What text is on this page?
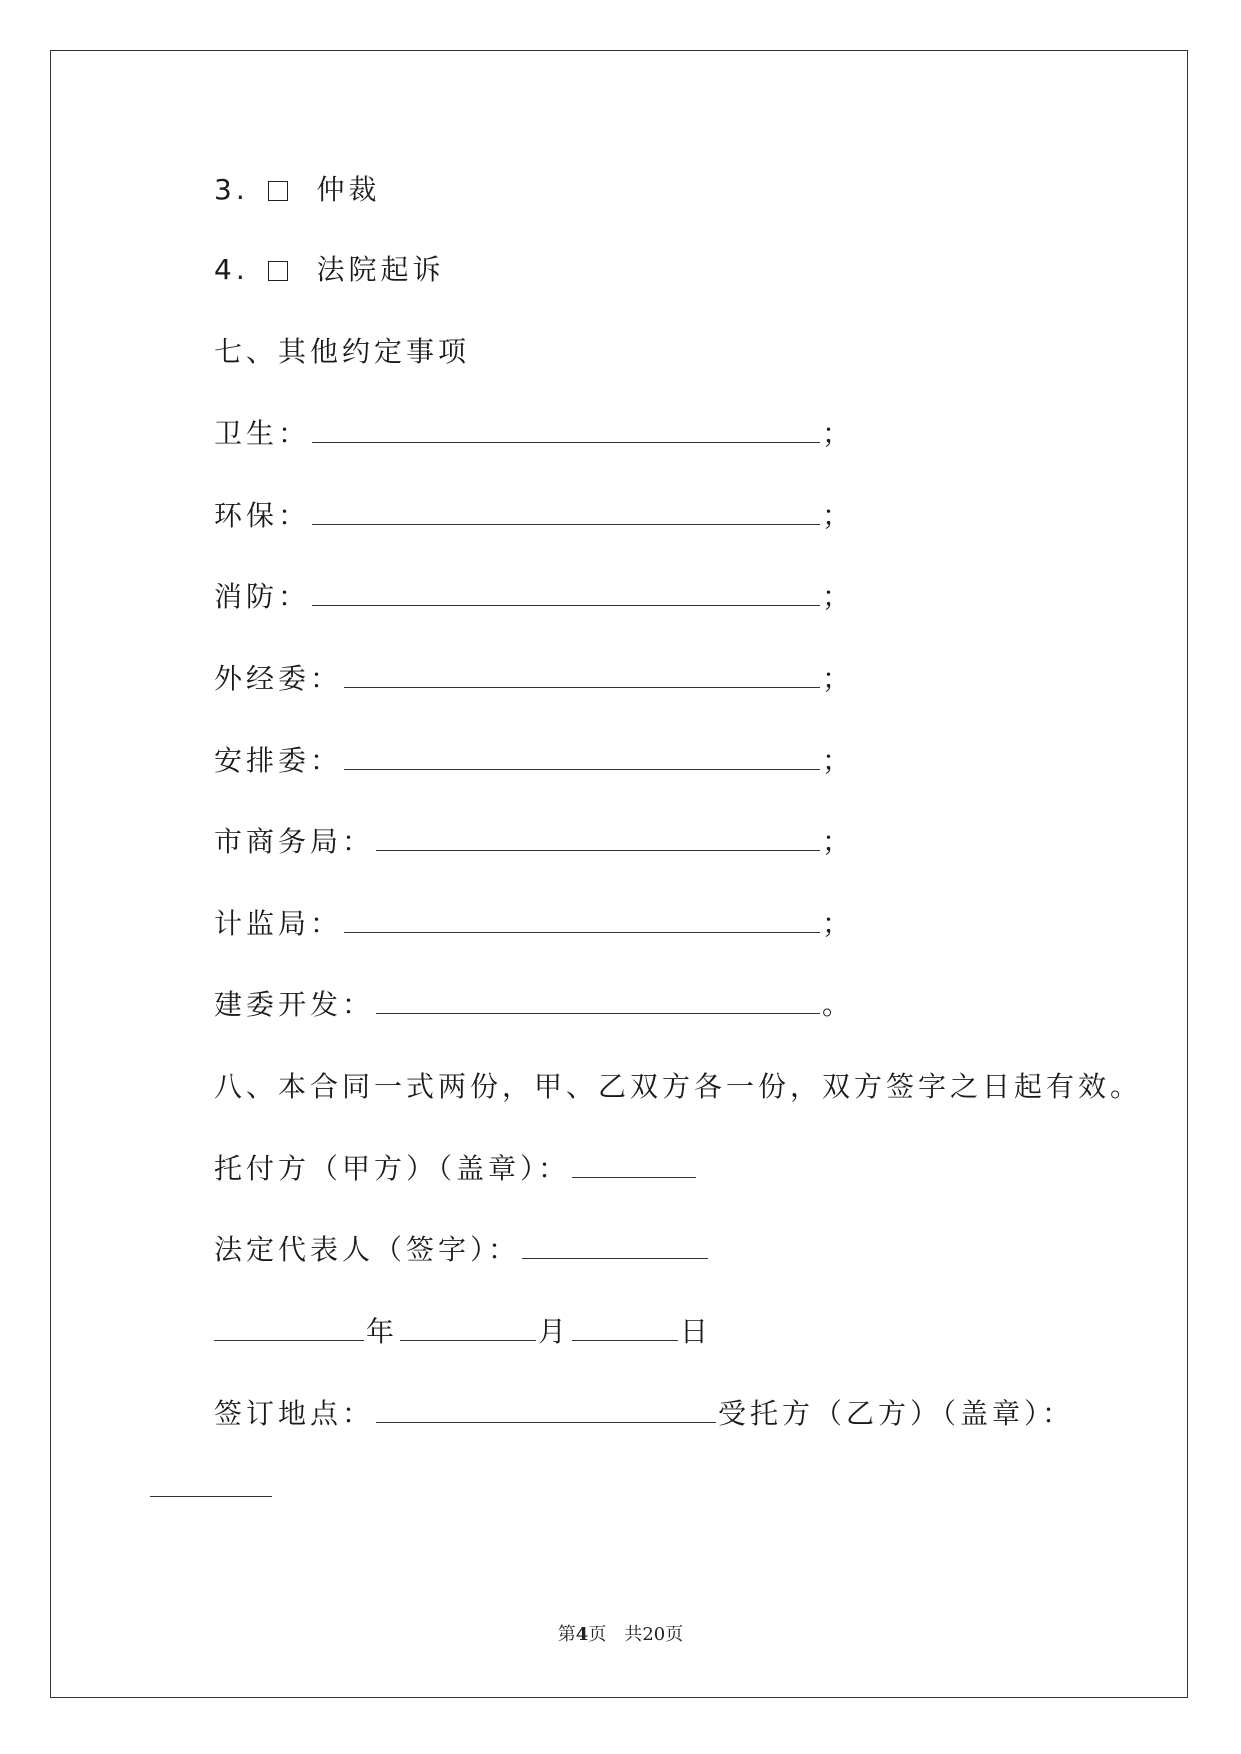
3. 仲裁
4. 法院起诉
七、其他约定事项
卫生：	；
环保：	；
消防：	；
外经委：	；
安排委：	；
市商务局：	；
计监局：	；
建委开发：	。
八、本合同一式两份，甲、乙双方各一份，双方签字之日起有效。
托付方（甲方）（盖章）：
法定代表人（签字）：
年	月	日
签订地点：	受托方（乙方）（盖章）：
第4页　共20页
